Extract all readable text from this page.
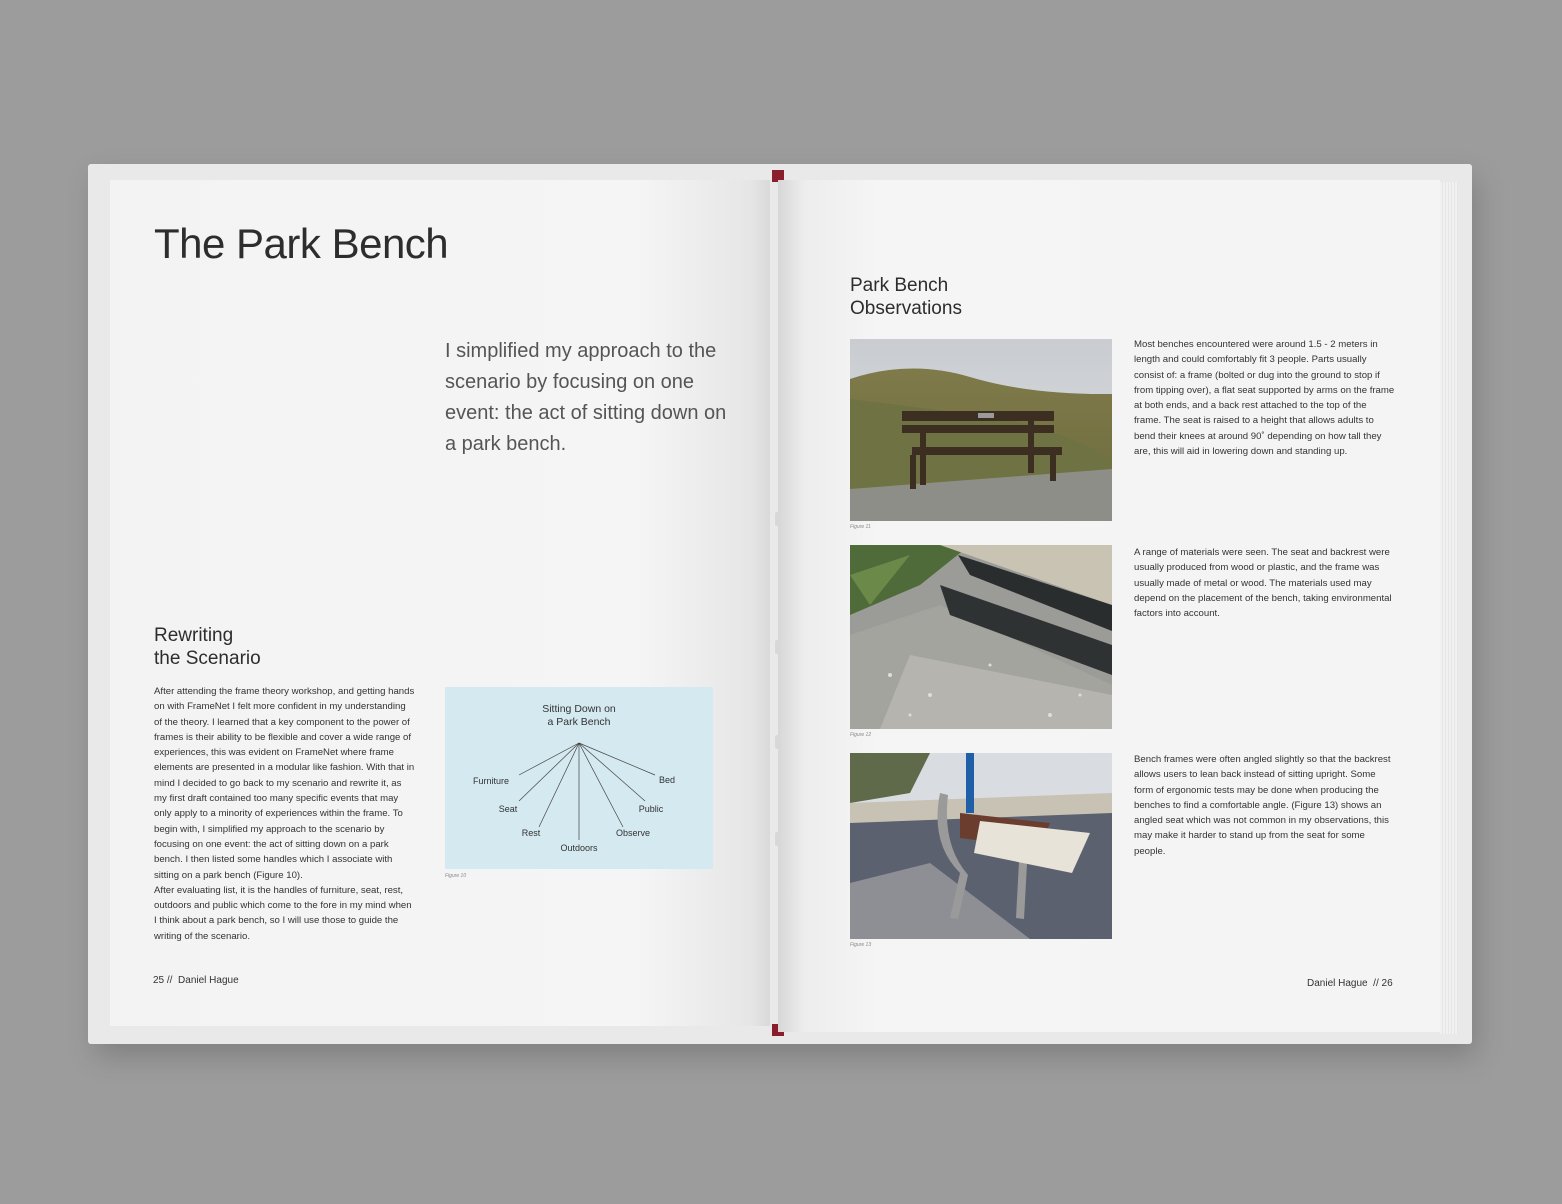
The Park Bench

I simplified my approach to the scenario by focusing on one event: the act of sitting down on a park bench.

Rewriting
the Scenario

After attending the frame theory workshop, and getting hands on with FrameNet I felt more confident in my understanding of the theory. I learned that a key component to the power of frames is their ability to be flexible and cover a wide range of experiences, this was evident on FrameNet where frame elements are presented in a modular like fashion. With that in mind I decided to go back to my scenario and rewrite it, as my first draft contained too many specific events that may only apply to a minority of experiences within the frame. To begin with, I simplified my approach to the scenario by focusing on one event: the act of sitting down on a park bench. I then listed some handles which I associate with sitting on a park bench (Figure 10).
After evaluating list, it is the handles of furniture, seat, rest, outdoors and public which come to the fore in my mind when I think about a park bench, so I will use those to guide the writing of the scenario.

Sitting Down on
a Park Bench
Furniture
Seat
Rest
Outdoors
Observe
Public
Bed
Figure 10
25 // Daniel Hague
Park Bench
Observations
Figure 11

Most benches encountered were around 1.5 - 2 meters in length and could comfortably fit 3 people. Parts usually consist of: a frame (bolted or dug into the ground to stop if from tipping over), a flat seat supported by arms on the frame at both ends, and a back rest attached to the top of the frame. The seat is raised to a height that allows adults to bend their knees at around 90˚ depending on how tall they are, this will aid in lowering down and standing up.

Figure 12

A range of materials were seen. The seat and backrest were usually produced from wood or plastic, and the frame was usually made of metal or wood. The materials used may depend on the placement of the bench, taking environmental factors into account.

Figure 13

Bench frames were often angled slightly so that the backrest allows users to lean back instead of sitting upright. Some form of ergonomic tests may be done when producing the benches to find a comfortable angle. (Figure 13) shows an angled seat which was not common in my observations, this may make it harder to stand up from the seat for some people.

Daniel Hague // 26
